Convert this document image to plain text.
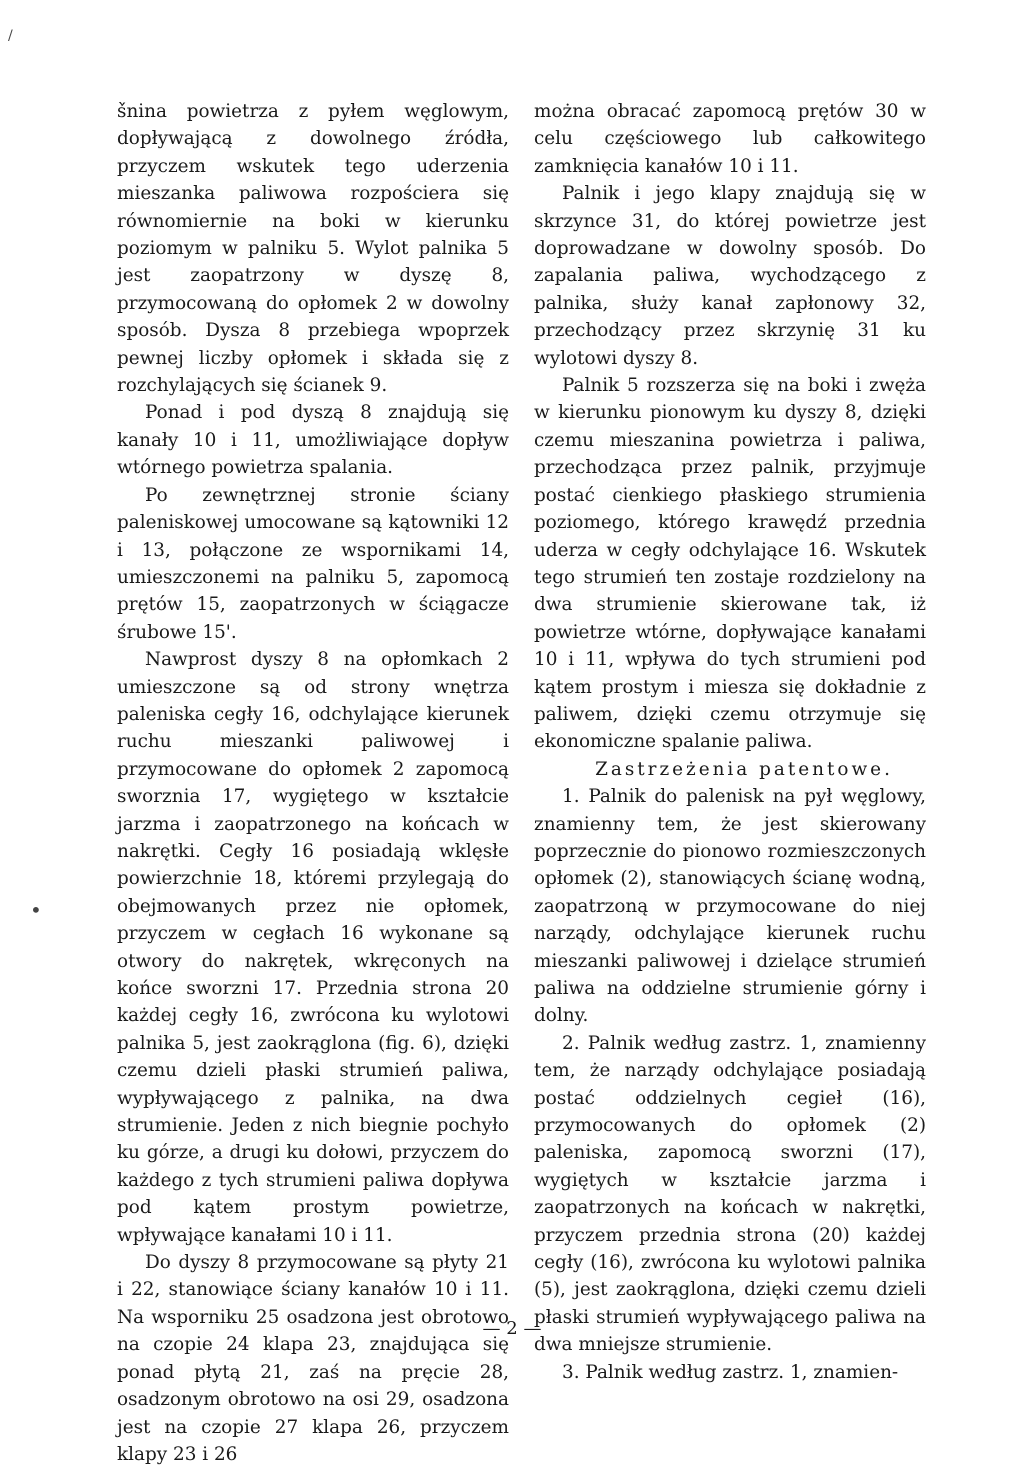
ś̀nina powietrza z pyłem węglowym, dopływającą z dowolnego źródła, przyczem wskutek tego uderzenia mieszanka paliwowa rozpościera się równomiernie na boki w kierunku poziomym w palniku 5. Wylot palnika 5 jest zaopatrzony w dyszę 8, przymocowaną do opłomek 2 w dowolny sposób. Dysza 8 przebiega wpoprzek pewnej liczby opłomek i składa się z rozchylających się ścianek 9.

Ponad i pod dyszą 8 znajdują się kanały 10 i 11, umożliwiające dopływ wtórnego powietrza spalania.

Po zewnętrznej stronie ściany paleniskowej umocowane są kątowniki 12 i 13, połączone ze wspornikami 14, umieszczonemi na palniku 5, zapomocą prętów 15, zaopatrzonych w ściągacze śrubowe 15'.

Nawprost dyszy 8 na opłomkach 2 umieszczone są od strony wnętrza paleniska cegły 16, odchylające kierunek ruchu mieszanki paliwowej i przymocowane do opłomek 2 zapomocą sworznia 17, wygiętego w kształcie jarzma i zaopatrzonego na końcach w nakrętki. Cegły 16 posiadają wklęsłe powierzchnie 18, któremi przylegają do obejmowanych przez nie opłomek, przyczem w cegłach 16 wykonane są otwory do nakrętek, wkręconych na końce sworzni 17. Przednia strona 20 każdej cegły 16, zwrócona ku wylotowi palnika 5, jest zaokrąglona (fig. 6), dzięki czemu dzieli płaski strumień paliwa, wypływającego z palnika, na dwa strumienie. Jeden z nich biegnie pochyło ku górze, a drugi ku dołowi, przyczem do każdego z tych strumieni paliwa dopływa pod kątem prostym powietrze, wpływające kanałami 10 i 11.

Do dyszy 8 przymocowane są płyty 21 i 22, stanowiące ściany kanałów 10 i 11. Na wsporniku 25 osadzona jest obrotowo na czopie 24 klapa 23, znajdująca się ponad płytą 21, zaś na pręcie 28, osadzonym obrotowo na osi 29, osadzona jest na czopie 27 klapa 26, przyczem klapy 23 i 26

można obracać zapomocą prętów 30 w celu częściowego lub całkowitego zamknięcia kanałów 10 i 11.

Palnik i jego klapy znajdują się w skrzynce 31, do której powietrze jest doprowadzane w dowolny sposób. Do zapalania paliwa, wychodzącego z palnika, służy kanał zapłonowy 32, przechodzący przez skrzynię 31 ku wylotowi dyszy 8.

Palnik 5 rozszerza się na boki i zwęża w kierunku pionowym ku dyszy 8, dzięki czemu mieszanina powietrza i paliwa, przechodząca przez palnik, przyjmuje postać cienkiego płaskiego strumienia poziomego, którego krawędź przednia uderza w cegły odchylające 16. Wskutek tego strumień ten zostaje rozdzielony na dwa strumienie skierowane tak, iż powietrze wtórne, dopływające kanałami 10 i 11, wpływa do tych strumieni pod kątem prostym i miesza się dokładnie z paliwem, dzięki czemu otrzymuje się ekonomiczne spalanie paliwa.

Zastrzeżenia patentowe.

1. Palnik do palenisk na pył węglowy, znamienny tem, że jest skierowany poprzecznie do pionowo rozmieszczonych opłomek (2), stanowiących ścianę wodną, zaopatrzoną w przymocowane do niej narządy, odchylające kierunek ruchu mieszanki paliwowej i dzielące strumień paliwa na oddzielne strumienie górny i dolny.

2. Palnik według zastrz. 1, znamienny tem, że narządy odchylające posiadają postać oddzielnych cegieł (16), przymocowanych do opłomek (2) paleniska, zapomocą sworzni (17), wygiętych w kształcie jarzma i zaopatrzonych na końcach w nakrętki, przyczem przednia strona (20) każdej cegły (16), zwrócona ku wylotowi palnika (5), jest zaokrąglona, dzięki czemu dzieli płaski strumień wypływającego paliwa na dwa mniejsze strumienie.

3. Palnik według zastrz. 1, znamien-

— 2 —
/
•
